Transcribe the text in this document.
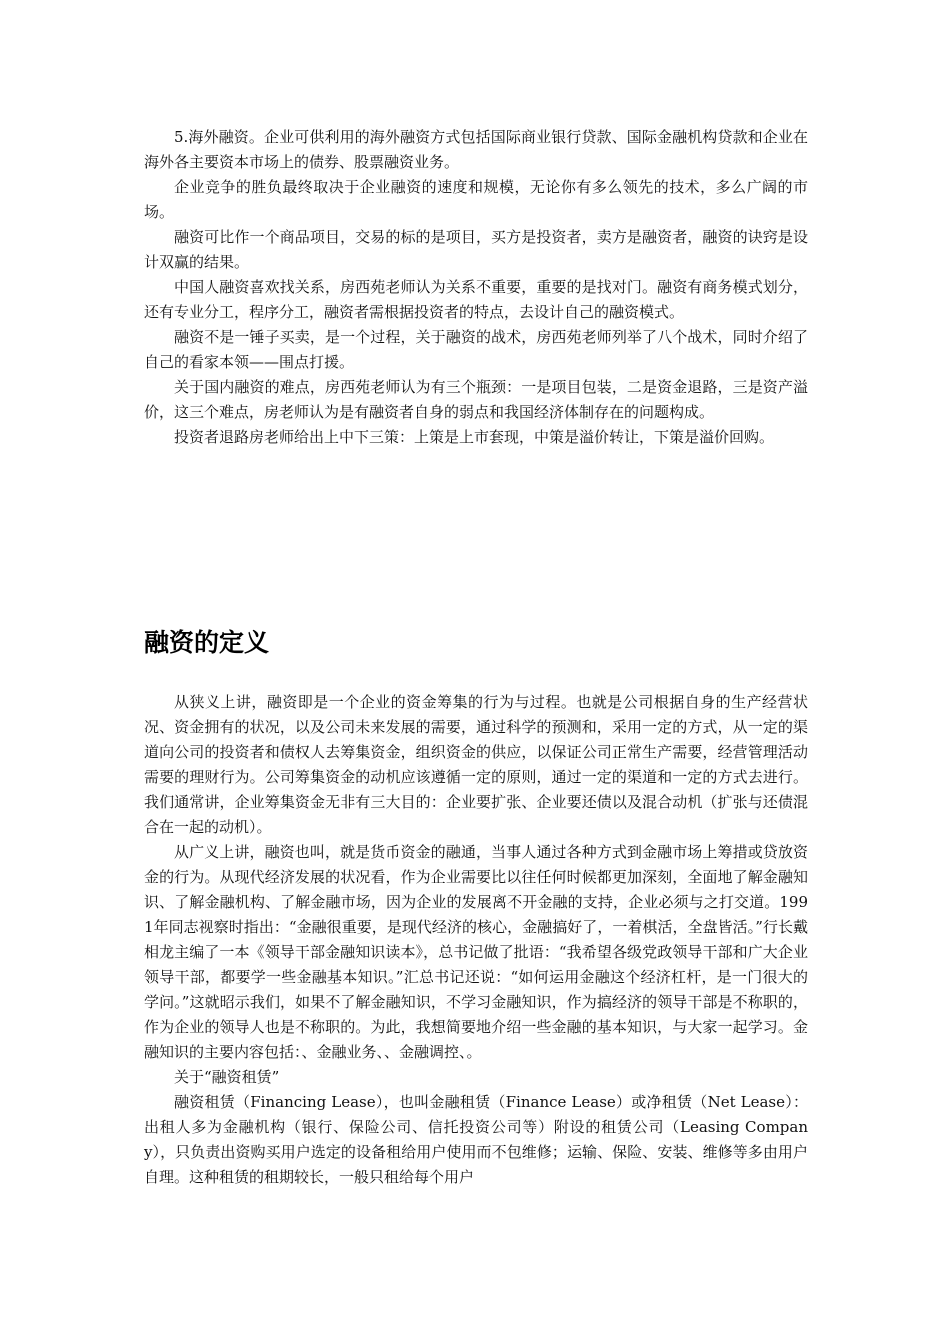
5.海外融资。企业可供利用的海外融资方式包括国际商业银行贷款、国际金融机构贷款和企业在海外各主要资本市场上的债券、股票融资业务。

企业竞争的胜负最终取决于企业融资的速度和规模，无论你有多么领先的技术，多么广阔的市场。

融资可比作一个商品项目，交易的标的是项目，买方是投资者，卖方是融资者，融资的诀窍是设计双赢的结果。

中国人融资喜欢找关系，房西苑老师认为关系不重要，重要的是找对门。融资有商务模式划分，还有专业分工，程序分工，融资者需根据投资者的特点，去设计自己的融资模式。

融资不是一锤子买卖，是一个过程，关于融资的战术，房西苑老师列举了八个战术，同时介绍了自己的看家本领——围点打援。

关于国内融资的难点，房西苑老师认为有三个瓶颈：一是项目包装，二是资金退路，三是资产溢价，这三个难点，房老师认为是有融资者自身的弱点和我国经济体制存在的问题构成。

投资者退路房老师给出上中下三策：上策是上市套现，中策是溢价转让，下策是溢价回购。

融资的定义

从狭义上讲，融资即是一个企业的资金筹集的行为与过程。也就是公司根据自身的生产经营状况、资金拥有的状况，以及公司未来发展的需要，通过科学的预测和，采用一定的方式，从一定的渠道向公司的投资者和债权人去筹集资金，组织资金的供应，以保证公司正常生产需要，经营管理活动需要的理财行为。公司筹集资金的动机应该遵循一定的原则，通过一定的渠道和一定的方式去进行。我们通常讲，企业筹集资金无非有三大目的：企业要扩张、企业要还债以及混合动机（扩张与还债混合在一起的动机）。

从广义上讲，融资也叫，就是货币资金的融通，当事人通过各种方式到金融市场上筹措或贷放资金的行为。从现代经济发展的状况看，作为企业需要比以往任何时候都更加深刻，全面地了解金融知识、了解金融机构、了解金融市场，因为企业的发展离不开金融的支持，企业必须与之打交道。1991年同志视察时指出：“金融很重要，是现代经济的核心，金融搞好了，一着棋活，全盘皆活。”行长戴相龙主编了一本《领导干部金融知识读本》，总书记做了批语：“我希望各级党政领导干部和广大企业领导干部，都要学一些金融基本知识。”汇总书记还说：“如何运用金融这个经济杠杆，是一门很大的学问。”这就昭示我们，如果不了解金融知识，不学习金融知识，作为搞经济的领导干部是不称职的，作为企业的领导人也是不称职的。为此，我想简要地介绍一些金融的基本知识，与大家一起学习。金融知识的主要内容包括：、金融业务、、金融调控、。

关于“融资租赁”

融资租赁（Financing Lease），也叫金融租赁（Finance Lease）或净租赁（Net Lease）：出租人多为金融机构（银行、保险公司、信托投资公司等）附设的租赁公司（Leasing Company），只负责出资购买用户选定的设备租给用户使用而不包维修；运输、保险、安装、维修等多由用户自理。这种租赁的租期较长，一般只租给每个用户
